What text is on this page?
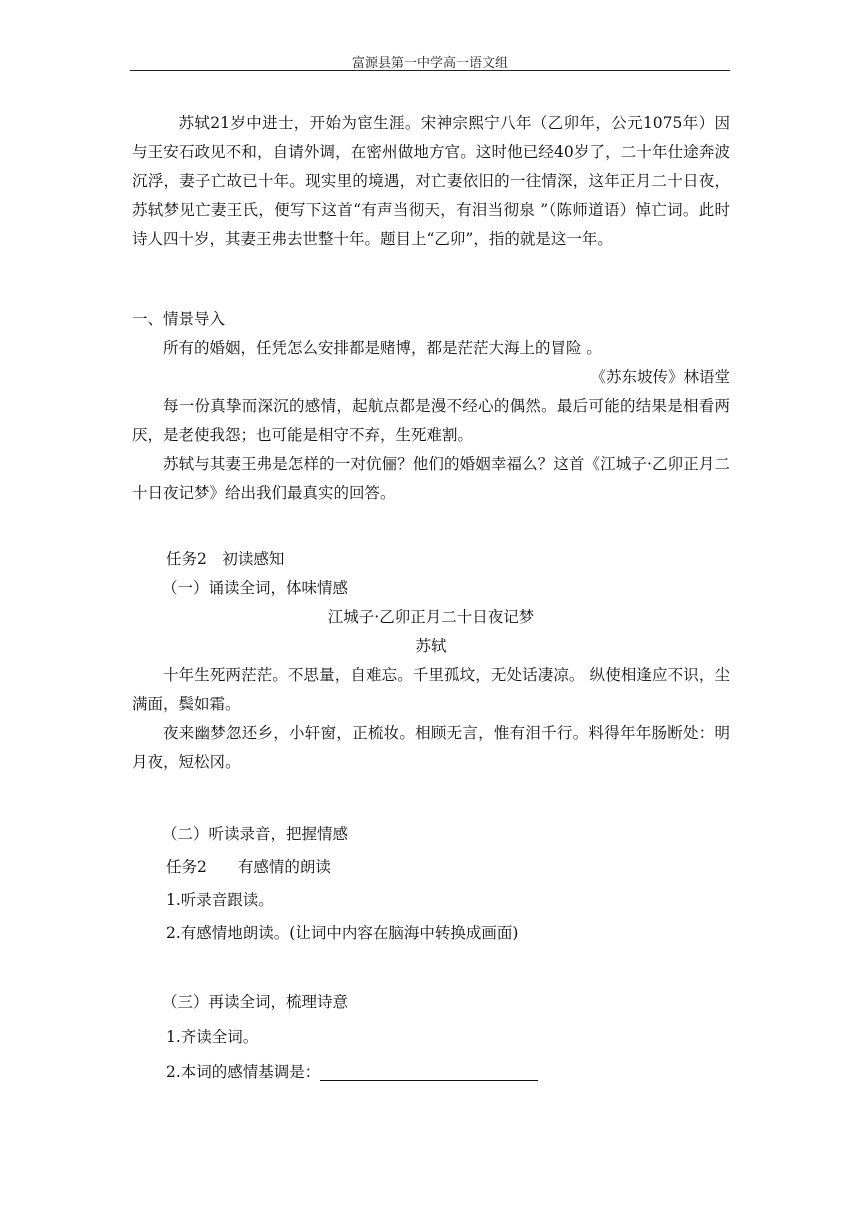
富源县第一中学高一语文组

苏轼21岁中进士，开始为宦生涯。宋神宗熙宁八年（乙卯年，公元1075年）因与王安石政见不和，自请外调，在密州做地方官。这时他已经40岁了，二十年仕途奔波沉浮，妻子亡故已十年。现实里的境遇，对亡妻依旧的一往情深，这年正月二十日夜，苏轼梦见亡妻王氏，便写下这首“有声当彻天，有泪当彻泉 ”（陈师道语）悼亡词。此时诗人四十岁，其妻王弗去世整十年。题目上“乙卯”，指的就是这一年。

一、情景导入

所有的婚姻，任凭怎么安排都是赌博，都是茫茫大海上的冒险 。

《苏东坡传》林语堂

每一份真挚而深沉的感情，起航点都是漫不经心的偶然。最后可能的结果是相看两厌，是老使我怨；也可能是相守不弃，生死难割。

苏轼与其妻王弗是怎样的一对伉俪？他们的婚姻幸福么？这首《江城子·乙卯正月二十日夜记梦》给出我们最真实的回答。

任务2　初读感知

（一）诵读全词，体味情感

江城子·乙卯正月二十日夜记梦

苏轼

十年生死两茫茫。不思量，自难忘。千里孤坟，无处话凄凉。 纵使相逢应不识，尘满面，鬓如霜。

夜来幽梦忽还乡，小轩窗，正梳妆。相顾无言，惟有泪千行。料得年年肠断处：明月夜，短松冈。

（二）听读录音，把握情感

任务2　　有感情的朗读

1.听录音跟读。

2.有感情地朗读。(让词中内容在脑海中转换成画面)

（三）再读全词，梳理诗意

1.齐读全词。

2.本词的感情基调是：
